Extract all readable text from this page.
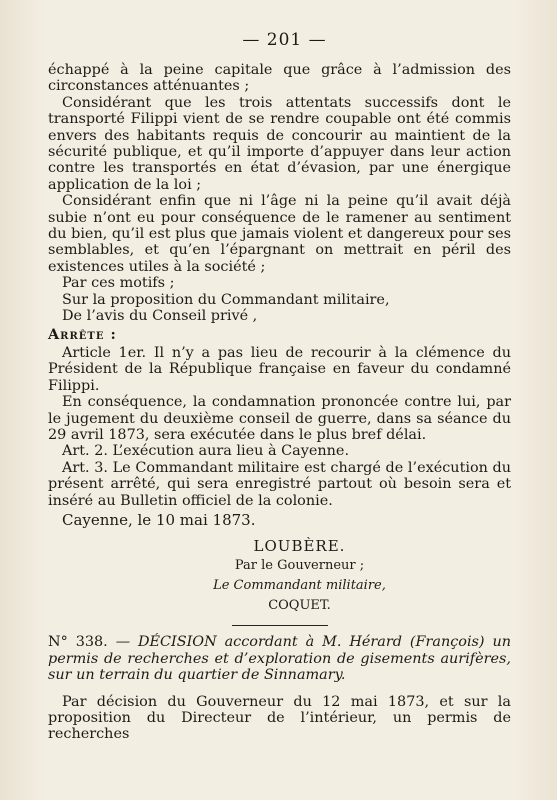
— 201 —

échappé à la peine capitale que grâce à l’admission des circonstances atténuantes ;

Considérant que les trois attentats successifs dont le transporté Filippi vient de se rendre coupable ont été commis envers des habitants requis de concourir au maintient de la sécurité publique, et qu’il importe d’appuyer dans leur action contre les transportés en état d’évasion, par une énergique application de la loi ;

Considérant enfin que ni l’âge ni la peine qu’il avait déjà subie n’ont eu pour conséquence de le ramener au sentiment du bien, qu’il est plus que jamais violent et dangereux pour ses semblables, et qu’en l’épargnant on mettrait en péril des existences utiles à la société ;

Par ces motifs ;

Sur la proposition du Commandant militaire,

De l’avis du Conseil privé ,

Arrête :

Article 1er. Il n’y a pas lieu de recourir à la clémence du Président de la République française en faveur du condamné Filippi.

En conséquence, la condamnation prononcée contre lui, par le jugement du deuxième conseil de guerre, dans sa séance du 29 avril 1873, sera exécutée dans le plus bref délai.

Art. 2. L’exécution aura lieu à Cayenne.

Art. 3. Le Commandant militaire est chargé de l’exécution du présent arrêté, qui sera enregistré partout où besoin sera et inséré au Bulletin officiel de la colonie.

Cayenne, le 10 mai 1873.

LOUBÈRE.
Par le Gouverneur ;
Le Commandant militaire,
COQUET.

N° 338. — DÉCISION accordant à M. Hérard (François) un permis de recherches et d’exploration de gisements aurifères, sur un terrain du quartier de Sinnamary.

Par décision du Gouverneur du 12 mai 1873, et sur la proposition du Directeur de l’intérieur, un permis de recherches
